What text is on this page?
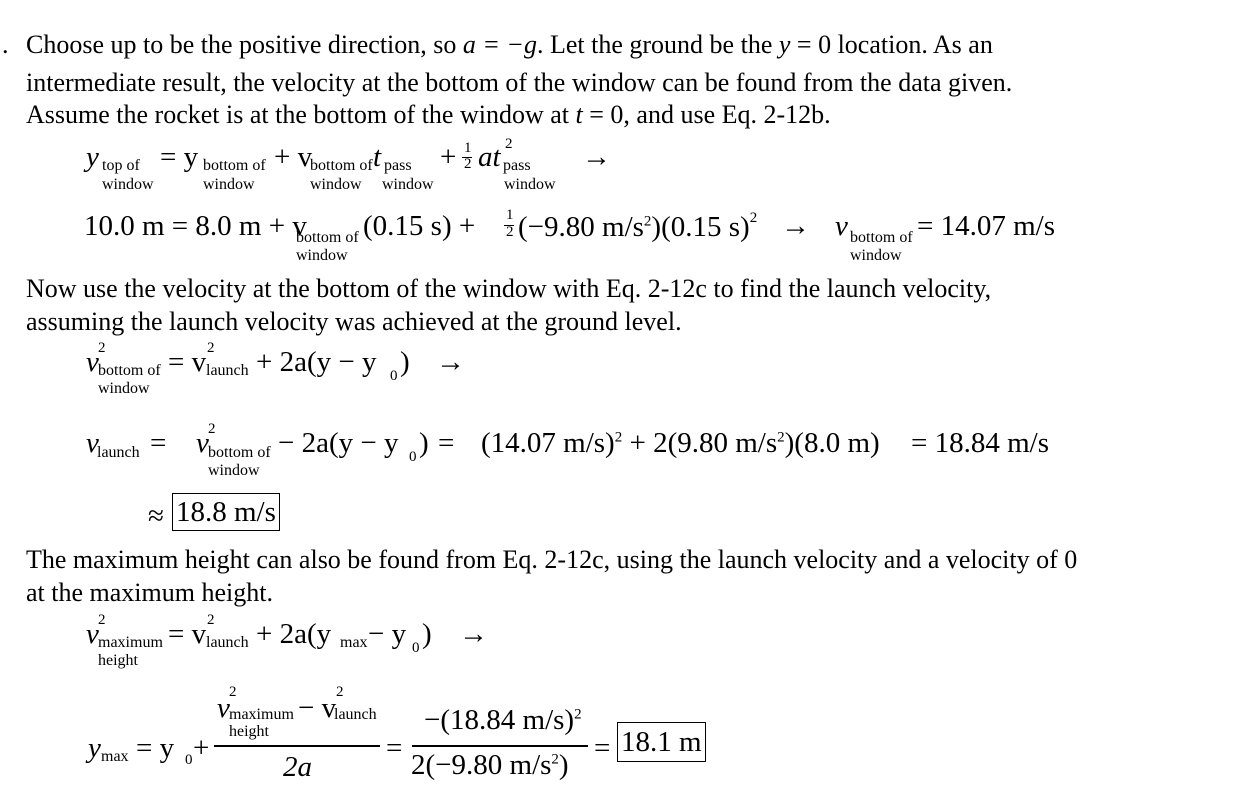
. Choose up to be the positive direction, so a = −g. Let the ground be the y = 0 location. As an
intermediate result, the velocity at the bottom of the window can be found from the data given.
Assume the rocket is at the bottom of the window at t = 0, and use Eq. 2-12b.
y top of
window
= y bottom of
window
+ v
bottom of
window
t pass
window
+ 1
2 at 2
pass
window
→
10.0 m = 8.0 m + v
bottom of
window
(0.15 s) + 1
2 (−9.80 $m/s^2)(0.15$ s)$^2$ → v bottom of
window
= 14.07 m/s
Now use the velocity at the bottom of the window with Eq. 2-12c to find the launch velocity,
assuming the launch velocity was achieved at the ground level.
v 2
bottom of
window
= v 2
launch + 2a(y − y 0 ) →
v
launch = v 2
bottom of
window
− 2a(y − y 0 ) = (14.07 m/s)$^2$ + 2(9.80 $m/s^2)(8.0$ m) = 18.84 m/s
≈ 18.8 m/s
The maximum height can also be found from Eq. 2-12c, using the launch velocity and a velocity of 0
at the maximum height.
v 2
maximum
height
= v 2
launch + 2a(y max − y 0 ) →
y max = y 0 +
v 2
maximum
height
− v 2
launch
2a
=
−(18.84 m/s)$^2$
2(−9.80 $m/s^2$)
= 18.1 m
